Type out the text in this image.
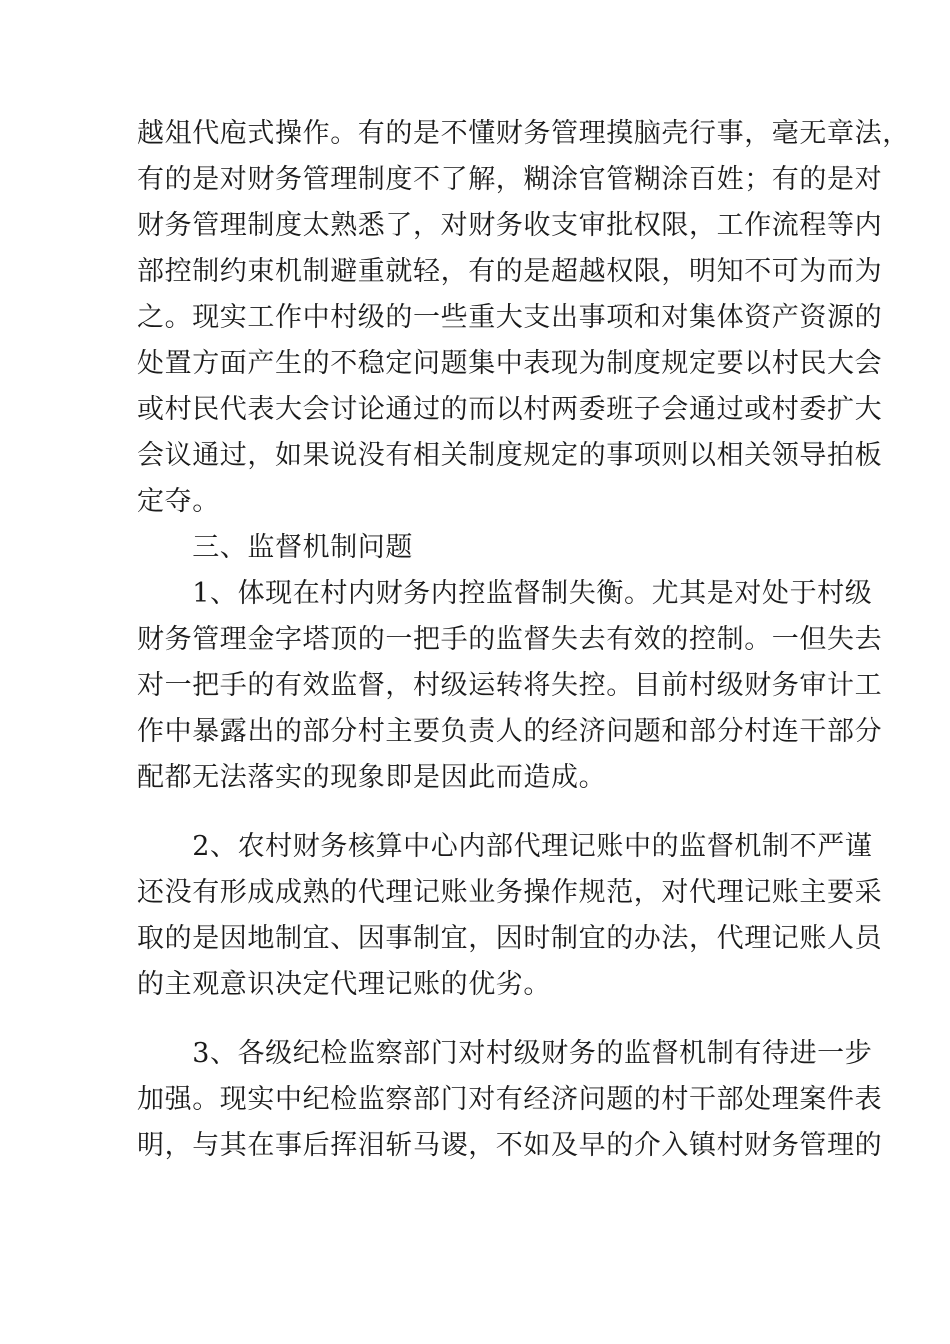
越俎代庖式操作。有的是不懂财务管理摸脑壳行事，毫无章法，
有的是对财务管理制度不了解，糊涂官管糊涂百姓；有的是对
财务管理制度太熟悉了，对财务收支审批权限，工作流程等内
部控制约束机制避重就轻，有的是超越权限，明知不可为而为
之。现实工作中村级的一些重大支出事项和对集体资产资源的
处置方面产生的不稳定问题集中表现为制度规定要以村民大会
或村民代表大会讨论通过的而以村两委班子会通过或村委扩大
会议通过，如果说没有相关制度规定的事项则以相关领导拍板
定夺。
　　三、监督机制问题
　　1、体现在村内财务内控监督制失衡。尤其是对处于村级
财务管理金字塔顶的一把手的监督失去有效的控制。一但失去
对一把手的有效监督，村级运转将失控。目前村级财务审计工
作中暴露出的部分村主要负责人的经济问题和部分村连干部分
配都无法落实的现象即是因此而造成。
　　2、农村财务核算中心内部代理记账中的监督机制不严谨
还没有形成成熟的代理记账业务操作规范，对代理记账主要采
取的是因地制宜、因事制宜，因时制宜的办法，代理记账人员
的主观意识决定代理记账的优劣。
　　3、各级纪检监察部门对村级财务的监督机制有待进一步
加强。现实中纪检监察部门对有经济问题的村干部处理案件表
明，与其在事后挥泪斩马谡，不如及早的介入镇村财务管理的
